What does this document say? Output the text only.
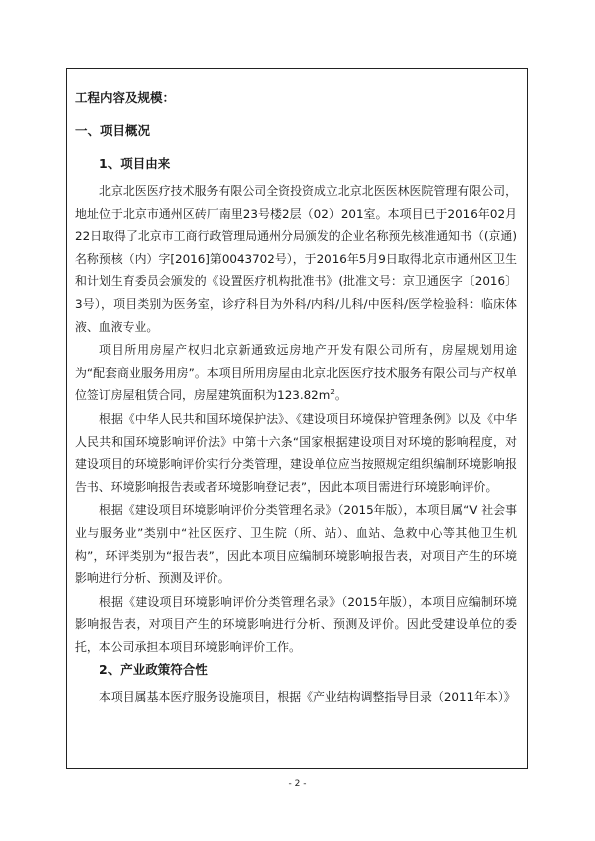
工程内容及规模：
一、项目概况
1、项目由来

北京北医医疗技术服务有限公司全资投资成立北京北医医林医院管理有限公司，地址位于北京市通州区砖厂南里23号楼2层（02）201室。本项目已于2016年02月22日取得了北京市工商行政管理局通州分局颁发的企业名称预先核准通知书（(京通)名称预核（内）字[2016]第0043702号），于2016年5月9日取得北京市通州区卫生和计划生育委员会颁发的《设置医疗机构批准书》(批准文号：京卫通医字〔2016〕3号），项目类别为医务室，诊疗科目为外科/内科/儿科/中医科/医学检验科：临床体液、血液专业。

项目所用房屋产权归北京新通致远房地产开发有限公司所有，房屋规划用途为“配套商业服务用房”。本项目所用房屋由北京北医医疗技术服务有限公司与产权单位签订房屋租赁合同，房屋建筑面积为$123.82m^2$。

根据《中华人民共和国环境保护法》、《建设项目环境保护管理条例》以及《中华人民共和国环境影响评价法》中第十六条“国家根据建设项目对环境的影响程度，对建设项目的环境影响评价实行分类管理，建设单位应当按照规定组织编制环境影响报告书、环境影响报告表或者环境影响登记表”，因此本项目需进行环境影响评价。

根据《建设项目环境影响评价分类管理名录》（2015年版），本项目属“Ⅴ 社会事业与服务业”类别中“社区医疗、卫生院（所、站）、血站、急救中心等其他卫生机构”，环评类别为“报告表”，因此本项目应编制环境影响报告表，对项目产生的环境影响进行分析、预测及评价。

根据《建设项目环境影响评价分类管理名录》（2015年版），本项目应编制环境影响报告表，对项目产生的环境影响进行分析、预测及评价。因此受建设单位的委托，本公司承担本项目环境影响评价工作。

2、产业政策符合性

本项目属基本医疗服务设施项目，根据《产业结构调整指导目录（2011年本）》

- 2 -
